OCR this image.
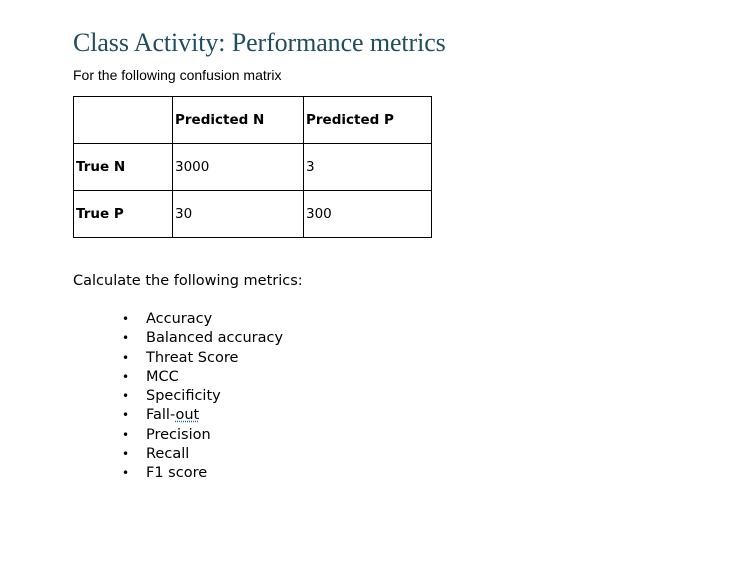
Class Activity: Performance metrics
For the following confusion matrix
	Predicted N	Predicted P
True N	3000	3
True P	30	300
Calculate the following metrics:
• Accuracy
• Balanced accuracy
• Threat Score
• MCC
• Specificity
• Fall-out
• Precision
• Recall
• F1 score
